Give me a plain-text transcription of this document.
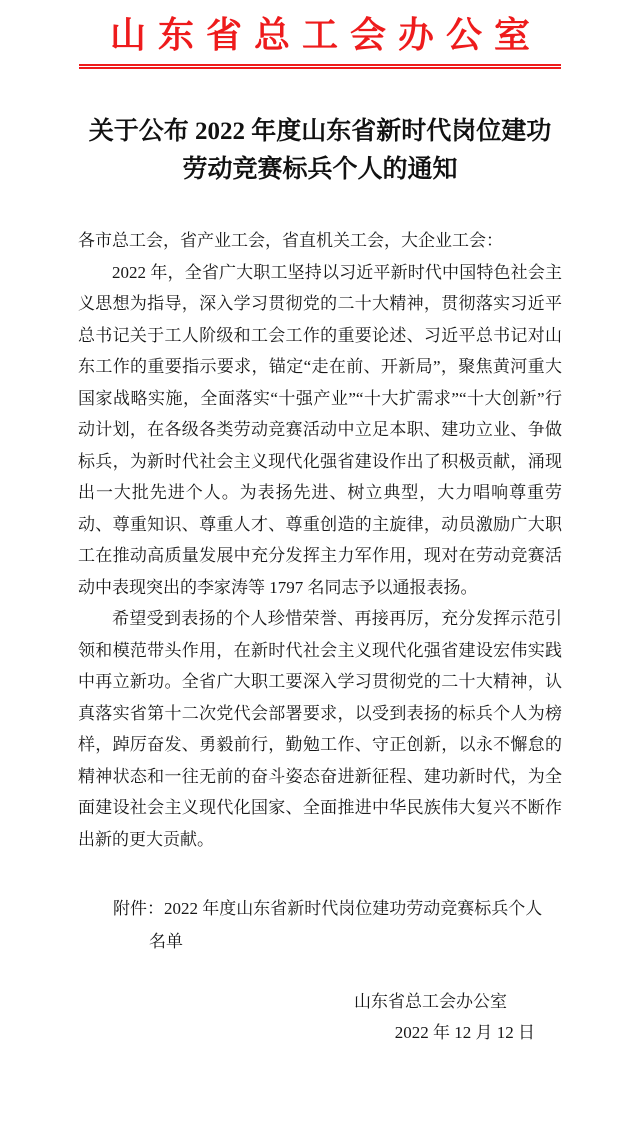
山东省总工会办公室
关于公布 2022 年度山东省新时代岗位建功
劳动竞赛标兵个人的通知

各市总工会，省产业工会，省直机关工会，大企业工会：

2022 年，全省广大职工坚持以习近平新时代中国特色社会主义思想为指导，深入学习贯彻党的二十大精神，贯彻落实习近平总书记关于工人阶级和工会工作的重要论述、习近平总书记对山东工作的重要指示要求，锚定“走在前、开新局”，聚焦黄河重大国家战略实施，全面落实“十强产业”“十大扩需求”“十大创新”行动计划，在各级各类劳动竞赛活动中立足本职、建功立业、争做标兵，为新时代社会主义现代化强省建设作出了积极贡献，涌现出一大批先进个人。为表扬先进、树立典型，大力唱响尊重劳动、尊重知识、尊重人才、尊重创造的主旋律，动员激励广大职工在推动高质量发展中充分发挥主力军作用，现对在劳动竞赛活动中表现突出的李家涛等 1797 名同志予以通报表扬。

希望受到表扬的个人珍惜荣誉、再接再厉，充分发挥示范引领和模范带头作用，在新时代社会主义现代化强省建设宏伟实践中再立新功。全省广大职工要深入学习贯彻党的二十大精神，认真落实省第十二次党代会部署要求，以受到表扬的标兵个人为榜样，踔厉奋发、勇毅前行，勤勉工作、守正创新，以永不懈怠的精神状态和一往无前的奋斗姿态奋进新征程、建功新时代，为全面建设社会主义现代化国家、全面推进中华民族伟大复兴不断作出新的更大贡献。

附件：2022 年度山东省新时代岗位建功劳动竞赛标兵个人
名单
山东省总工会办公室
2022 年 12 月 12 日
